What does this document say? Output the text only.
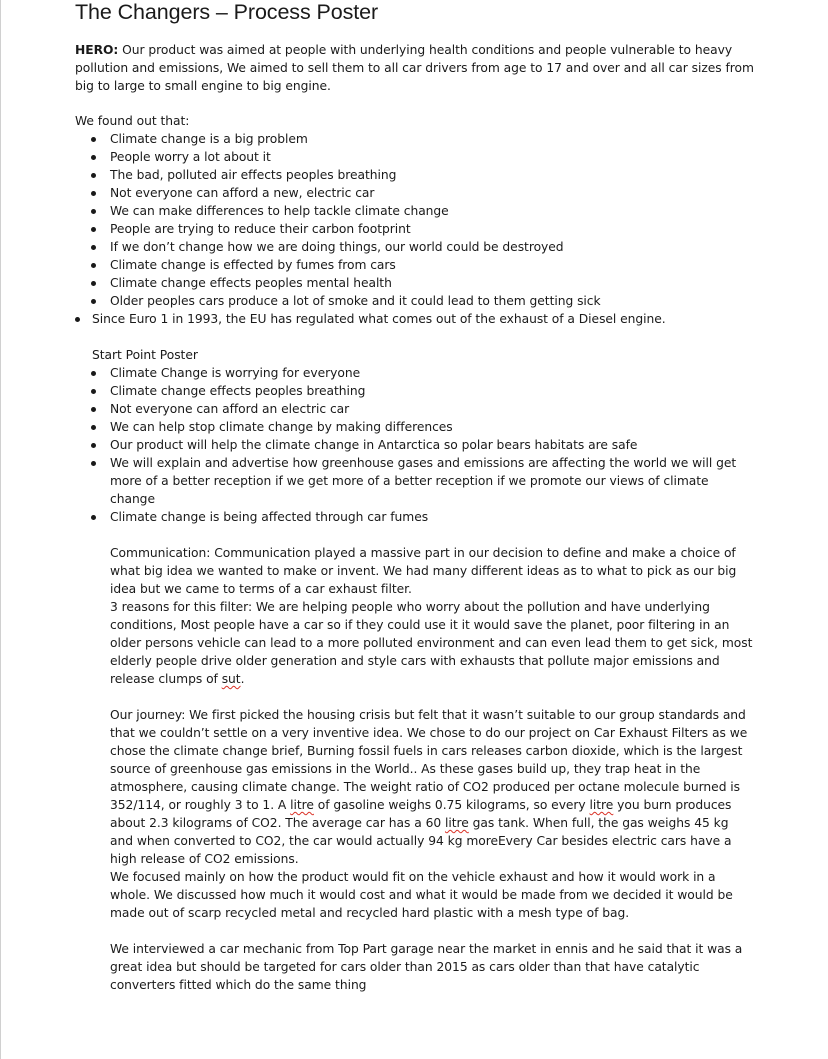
The Changers – Process Poster

HERO: Our product was aimed at people with underlying health conditions and people vulnerable to heavy pollution and emissions, We aimed to sell them to all car drivers from age to 17 and over and all car sizes from big to large to small engine to big engine.

We found out that:

Climate change is a big problem
People worry a lot about it
The bad, polluted air effects peoples breathing
Not everyone can afford a new, electric car
We can make differences to help tackle climate change
People are trying to reduce their carbon footprint
If we don’t change how we are doing things, our world could be destroyed
Climate change is effected by fumes from cars
Climate change effects peoples mental health
Older peoples cars produce a lot of smoke and it could lead to them getting sick
Since Euro 1 in 1993, the EU has regulated what comes out of the exhaust of a Diesel engine.

Start Point Poster

Climate Change is worrying for everyone
Climate change effects peoples breathing
Not everyone can afford an electric car
We can help stop climate change by making differences
Our product will help the climate change in Antarctica so polar bears habitats are safe
We will explain and advertise how greenhouse gases and emissions are affecting the world we will get more of a better reception if we get more of a better reception if we promote our views of climate change
Climate change is being affected through car fumes

Communication: Communication played a massive part in our decision to define and make a choice of what big idea we wanted to make or invent. We had many different ideas as to what to pick as our big idea but we came to terms of a car exhaust filter.

3 reasons for this filter: We are helping people who worry about the pollution and have underlying conditions, Most people have a car so if they could use it it would save the planet, poor filtering in an older persons vehicle can lead to a more polluted environment and can even lead them to get sick, most elderly people drive older generation and style cars with exhausts that pollute major emissions and release clumps of sut.

Our journey: We first picked the housing crisis but felt that it wasn’t suitable to our group standards and that we couldn’t settle on a very inventive idea. We chose to do our project on Car Exhaust Filters as we chose the climate change brief, Burning fossil fuels in cars releases carbon dioxide, which is the largest source of greenhouse gas emissions in the World.. As these gases build up, they trap heat in the atmosphere, causing climate change. The weight ratio of CO2 produced per octane molecule burned is 352/114, or roughly 3 to 1. A litre of gasoline weighs 0.75 kilograms, so every litre you burn produces about 2.3 kilograms of CO2. The average car has a 60 litre gas tank. When full, the gas weighs 45 kg and when converted to CO2, the car would actually 94 kg moreEvery Car besides electric cars have a high release of CO2 emissions.

We focused mainly on how the product would fit on the vehicle exhaust and how it would work in a whole. We discussed how much it would cost and what it would be made from we decided it would be made out of scarp recycled metal and recycled hard plastic with a mesh type of bag.

We interviewed a car mechanic from Top Part garage near the market in ennis and he said that it was a great idea but should be targeted for cars older than 2015 as cars older than that have catalytic converters fitted which do the same thing
